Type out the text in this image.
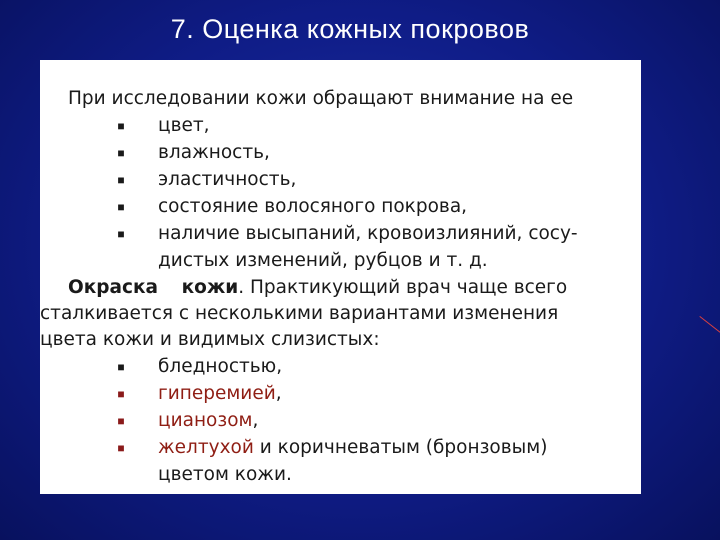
7. Оценка кожных покровов
При исследовании кожи обращают внимание на ее
■ цвет,
■ влажность,
■ эластичность,
■ состояние волосяного покрова,
■ наличие высыпаний, кровоизлияний, сосу-
дистых изменений, рубцов и т. д.
Окраска кожи. Практикующий врач чаще всего
сталкивается с несколькими вариантами изменения
цвета кожи и видимых слизистых:
■ бледностью,
■ гиперемией,
■ цианозом,
■ желтухой и коричневатым (бронзовым)
цветом кожи.
